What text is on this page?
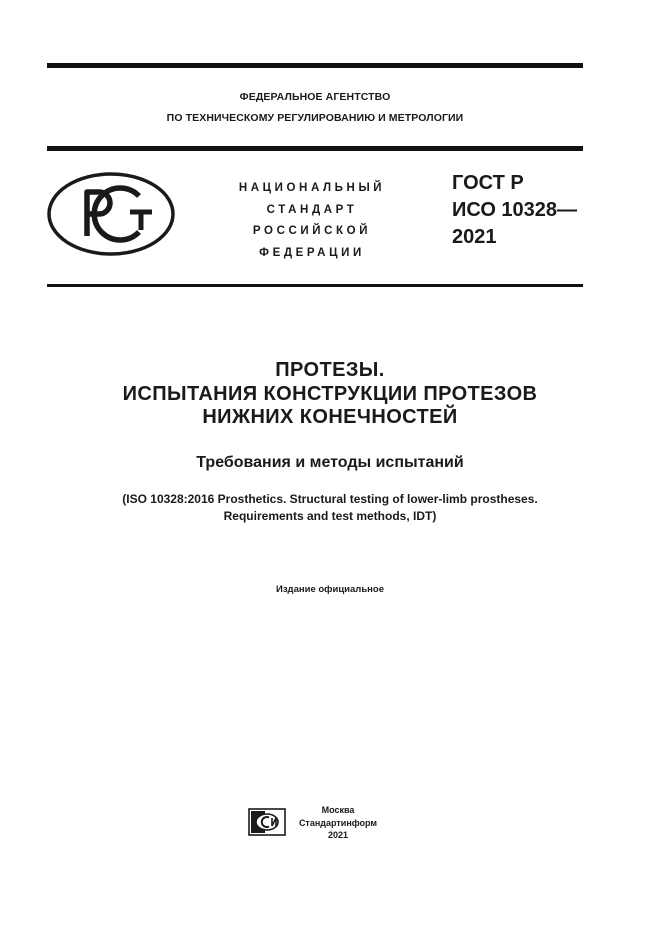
ФЕДЕРАЛЬНОЕ АГЕНТСТВО
ПО ТЕХНИЧЕСКОМУ РЕГУЛИРОВАНИЮ И МЕТРОЛОГИИ
НАЦИОНАЛЬНЫЙ
СТАНДАРТ
РОССИЙСКОЙ
ФЕДЕРАЦИИ
ГОСТ Р
ИСО 10328—
2021
ПРОТЕЗЫ.
ИСПЫТАНИЯ КОНСТРУКЦИИ ПРОТЕЗОВ
НИЖНИХ КОНЕЧНОСТЕЙ
Требования и методы испытаний
(ISO 10328:2016 Prosthetics. Structural testing of lower-limb prostheses.
Requirements and test methods, IDT)
Издание официальное
Москва
Стандартинформ
2021
